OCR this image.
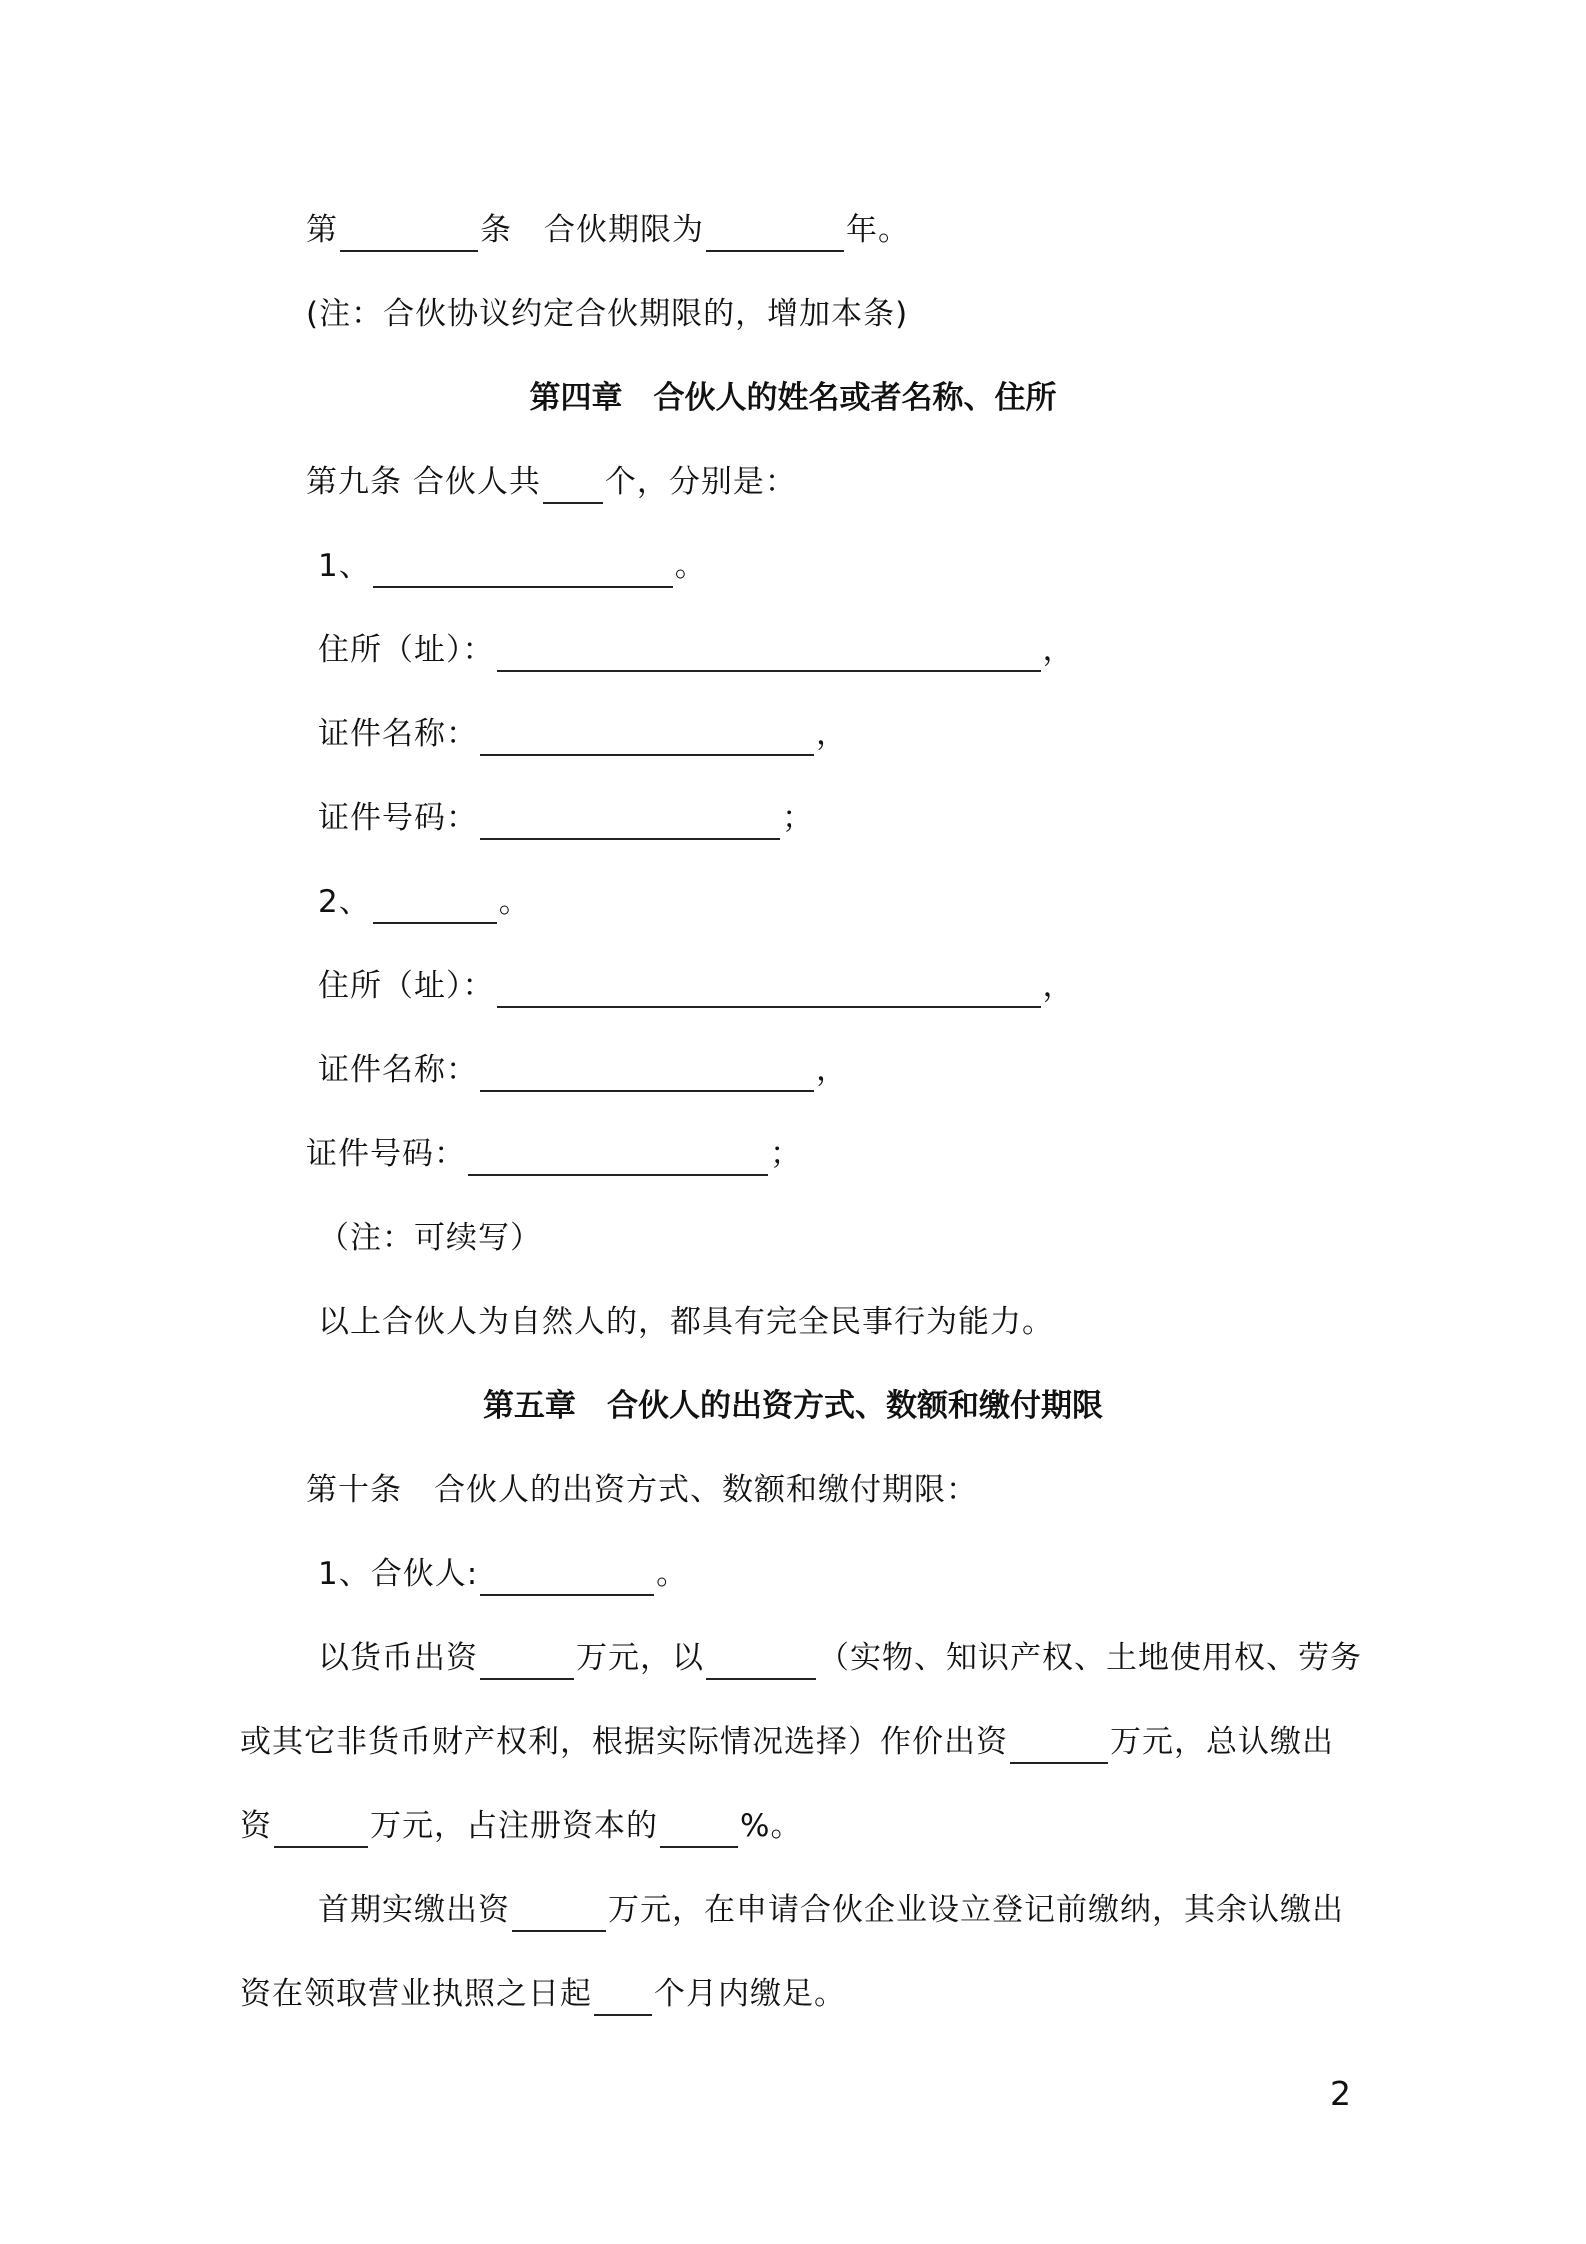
第	条　合伙期限为	年。
(注：合伙协议约定合伙期限的，增加本条)
第四章　合伙人的姓名或者名称、住所
第九条 合伙人共 个，分别是：
1、	。
住所（址）：	，
证件名称：	，
证件号码：	；
2、	。
住所（址）：	，
证件名称：	，
证件号码：	；
（注：可续写）
以上合伙人为自然人的，都具有完全民事行为能力。
第五章　合伙人的出资方式、数额和缴付期限
第十条　合伙人的出资方式、数额和缴付期限：
1、合伙人:	。
以货币出资	万元，以	（实物、知识产权、土地使用权、劳务
或其它非货币财产权利，根据实际情况选择）作价出资	万元，总认缴出
资	万元，占注册资本的	%。
首期实缴出资	万元，在申请合伙企业设立登记前缴纳，其余认缴出
资在领取营业执照之日起 个月内缴足。
2
